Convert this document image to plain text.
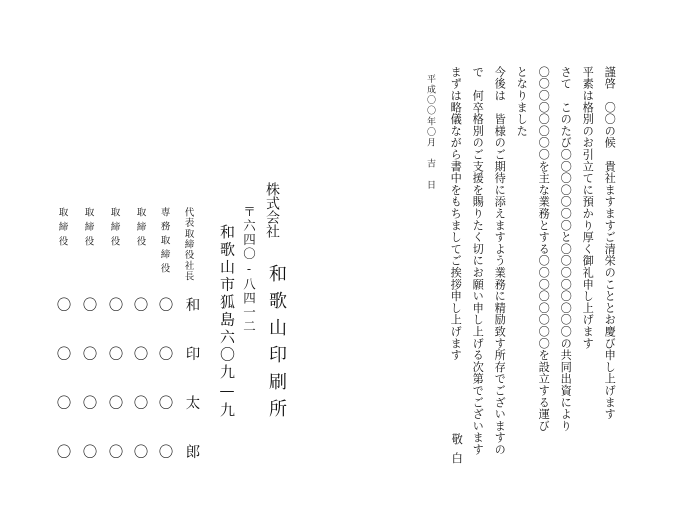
謹啓　〇〇の候　貴社ますますご清栄のこととお慶び申し上げます
平素は格別のお引立てに預かり厚く御礼申し上げます
さて　このたび〇〇〇〇〇〇〇と〇〇〇〇〇〇〇〇の共同出資により
〇〇〇〇〇〇〇〇を主な業務とする〇〇〇〇〇〇〇〇を設立する運び
となりました
今後は　皆様のご期待に添えますよう業務に精励致す所存でございますの
で　何卒格別のご支援を賜りたく切にお願い申し上げる次第でございます
まずは略儀ながら書中をもちましてご挨拶申し上げます
敬白
平成〇〇年〇月　吉　日
株式会社
和歌山印刷所
〒六四〇-八四一二
和歌山市狐島六〇九—九
代表取締役社長
専務取締役
取締役
取締役
取締役
取締役
和　印　太　郎
〇　〇　〇　〇
〇　〇　〇　〇
〇　〇　〇　〇
〇　〇　〇　〇
〇　〇　〇　〇
